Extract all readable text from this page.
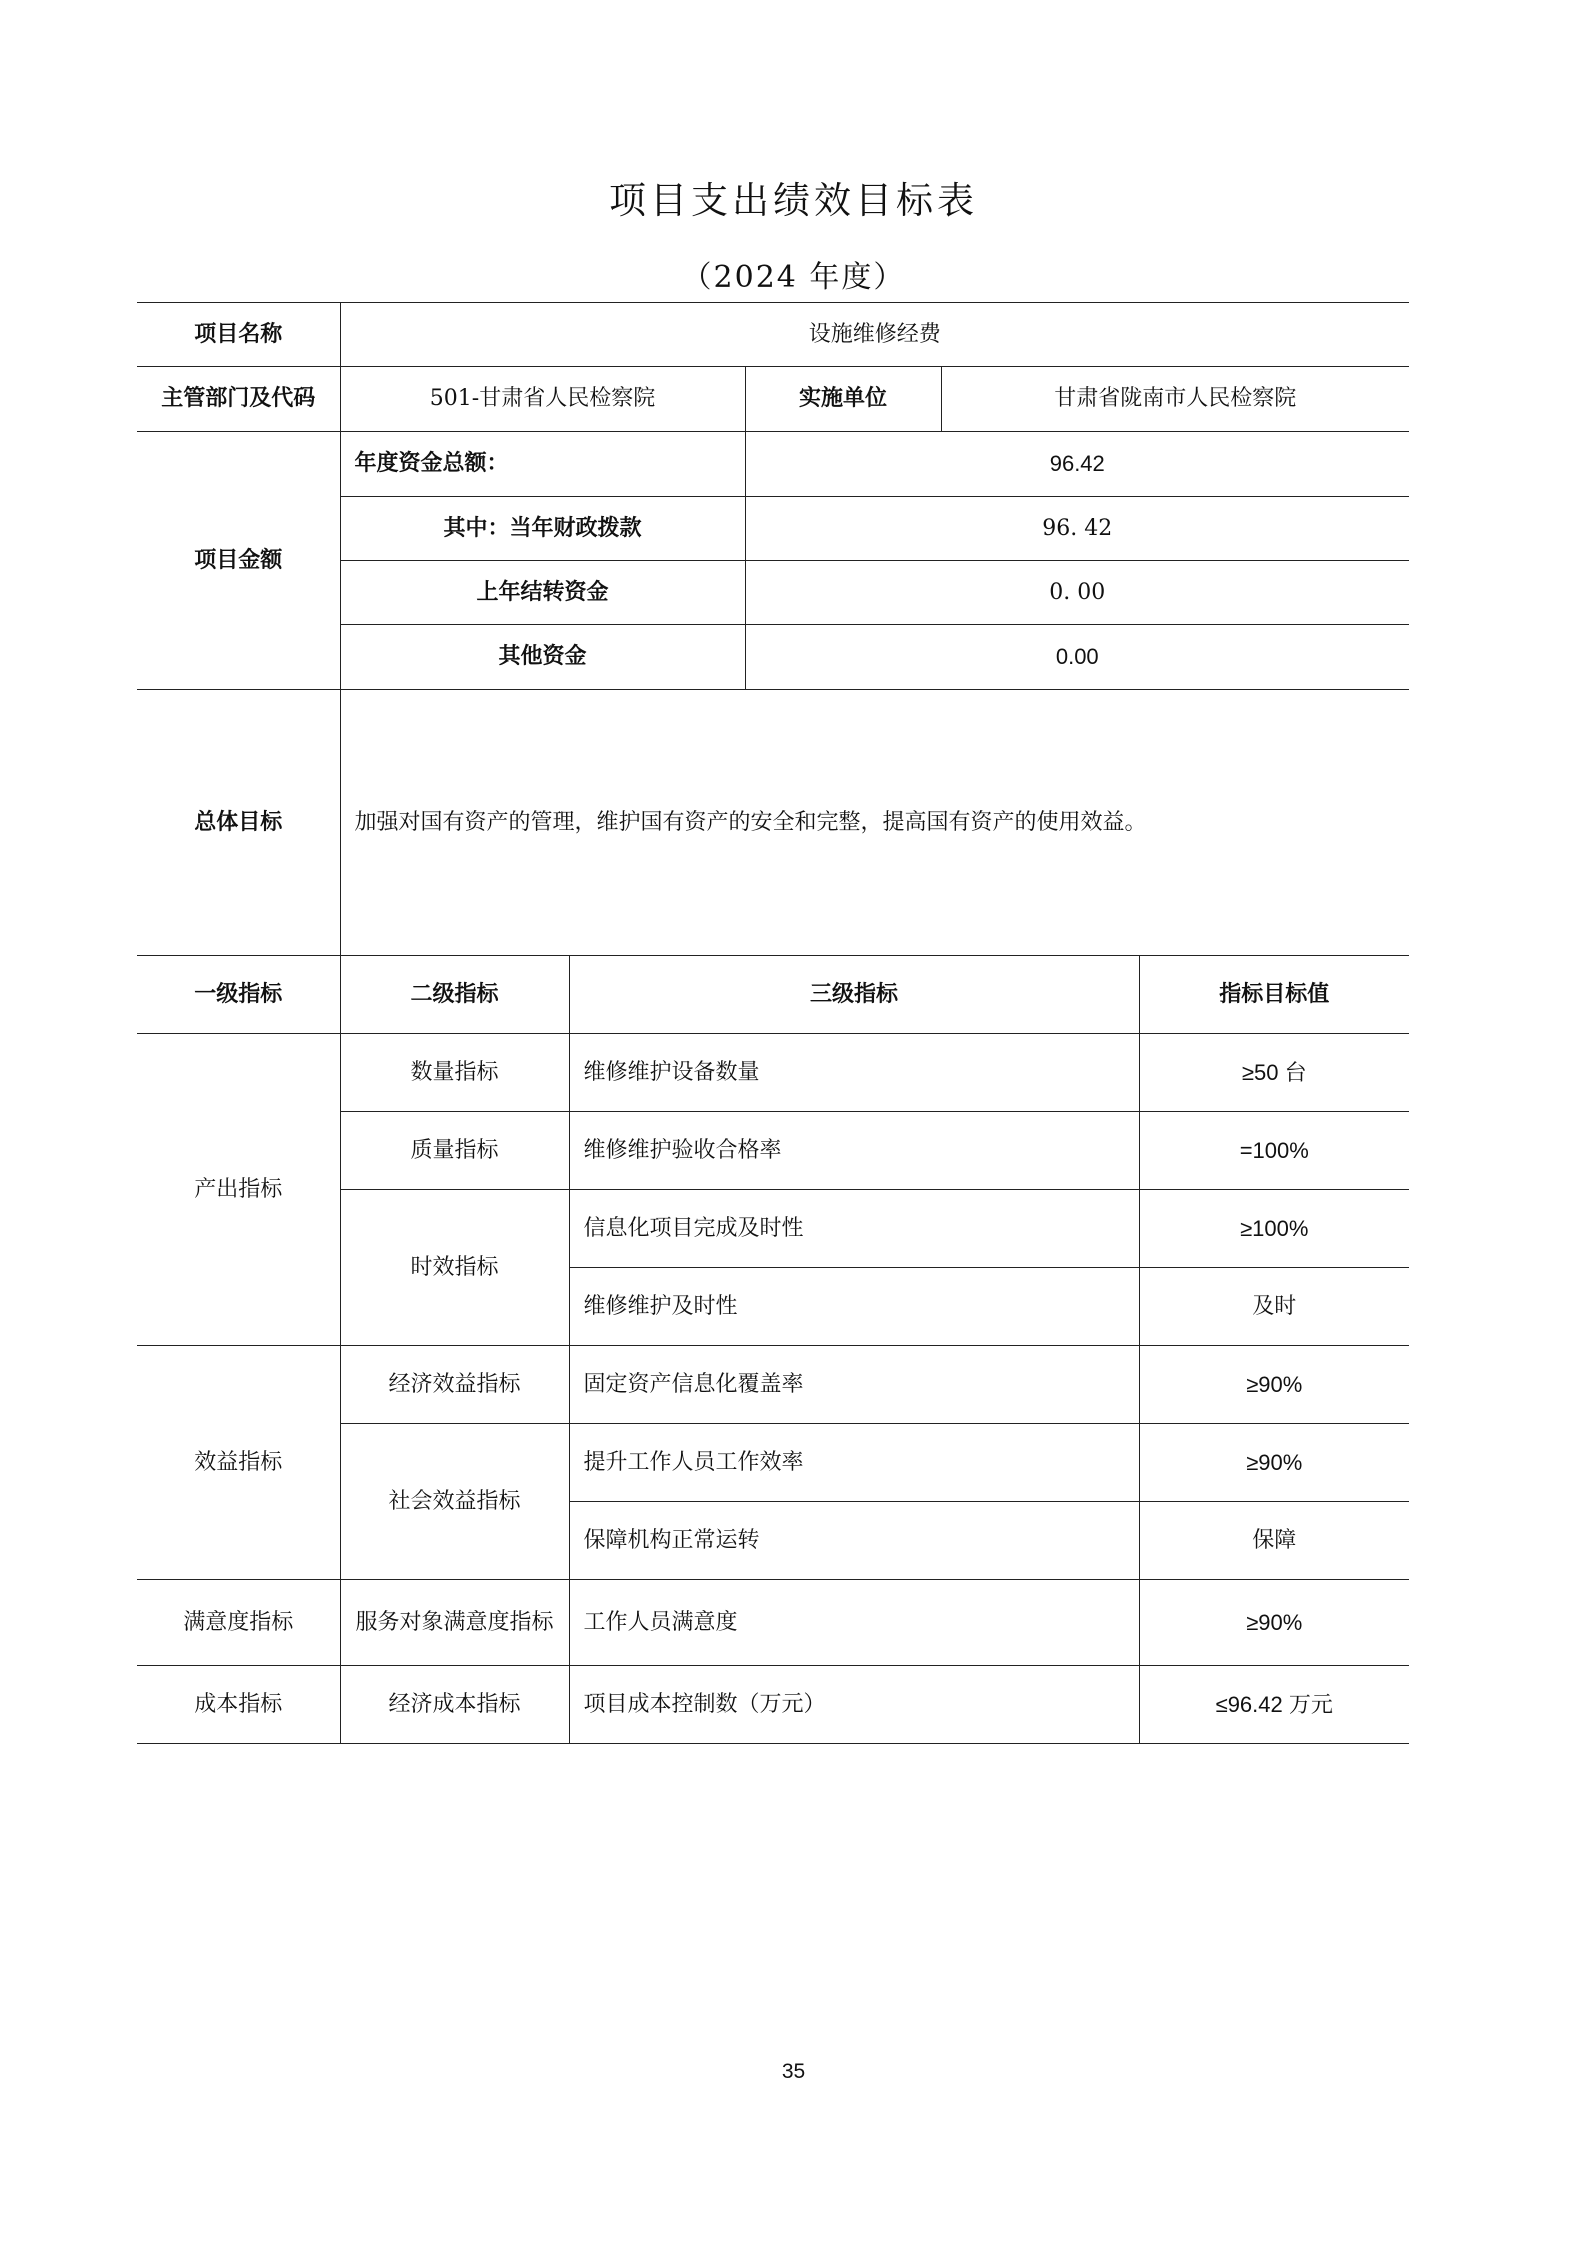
项目支出绩效目标表
（2024 年度）
项目名称	设施维修经费		
主管部门及代码	501-甘肃省人民检察院	实施单位	甘肃省陇南市人民检察院
项目金额	年度资金总额：	96.42	
	其中：当年财政拨款	96. 42	
	上年结转资金	0. 00	
	其他资金	0.00	
总体目标	加强对国有资产的管理，维护国有资产的安全和完整，提高国有资产的使用效益。		
一级指标	二级指标	三级指标	指标目标值
产出指标	数量指标	维修维护设备数量	≥50 台
	质量指标	维修维护验收合格率	=100%
	时效指标	信息化项目完成及时性	≥100%
		维修维护及时性	及时
效益指标	经济效益指标	固定资产信息化覆盖率	≥90%
	社会效益指标	提升工作人员工作效率	≥90%
		保障机构正常运转	保障
满意度指标	服务对象满意度指标	工作人员满意度	≥90%
成本指标	经济成本指标	项目成本控制数（万元）	≤96.42 万元
35
